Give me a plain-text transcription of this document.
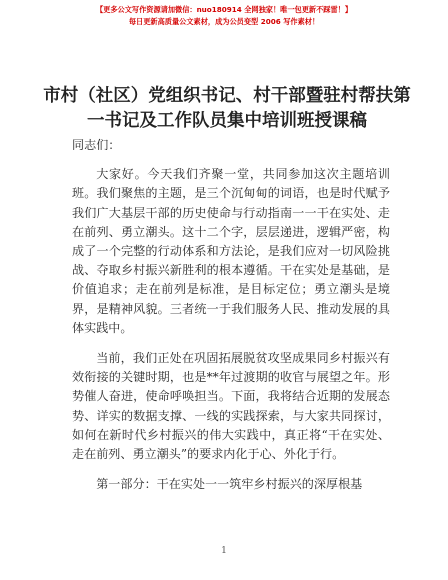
【更多公文写作资源请加微信：nuo180914 全网独家！唯一包更新不踩雷！】
每日更新高质量公文素材，成为公员变型 2006 写作素材！
市村（社区）党组织书记、村干部暨驻村帮扶第一书记及工作队员集中培训班授课稿

同志们：

大家好。今天我们齐聚一堂，共同参加这次主题培训班。我们聚焦的主题，是三个沉甸甸的词语，也是时代赋予我们广大基层干部的历史使命与行动指南一一干在实处、走在前列、勇立潮头。这十二个字，层层递进，逻辑严密，构成了一个完整的行动体系和方法论，是我们应对一切风险挑战、夺取乡村振兴新胜利的根本遵循。干在实处是基础，是价值追求；走在前列是标准，是目标定位；勇立潮头是境界，是精神风貌。三者统一于我们服务人民、推动发展的具体实践中。

当前，我们正处在巩固拓展脱贫攻坚成果同乡村振兴有效衔接的关键时期，也是**年过渡期的收官与展望之年。形势催人奋进，使命呼唤担当。下面，我将结合近期的发展态势、详实的数据支撑、一线的实践探索，与大家共同探讨，如何在新时代乡村振兴的伟大实践中，真正将“干在实处、走在前列、勇立潮头”的要求内化于心、外化于行。

第一部分：干在实处一一筑牢乡村振兴的深厚根基

1
